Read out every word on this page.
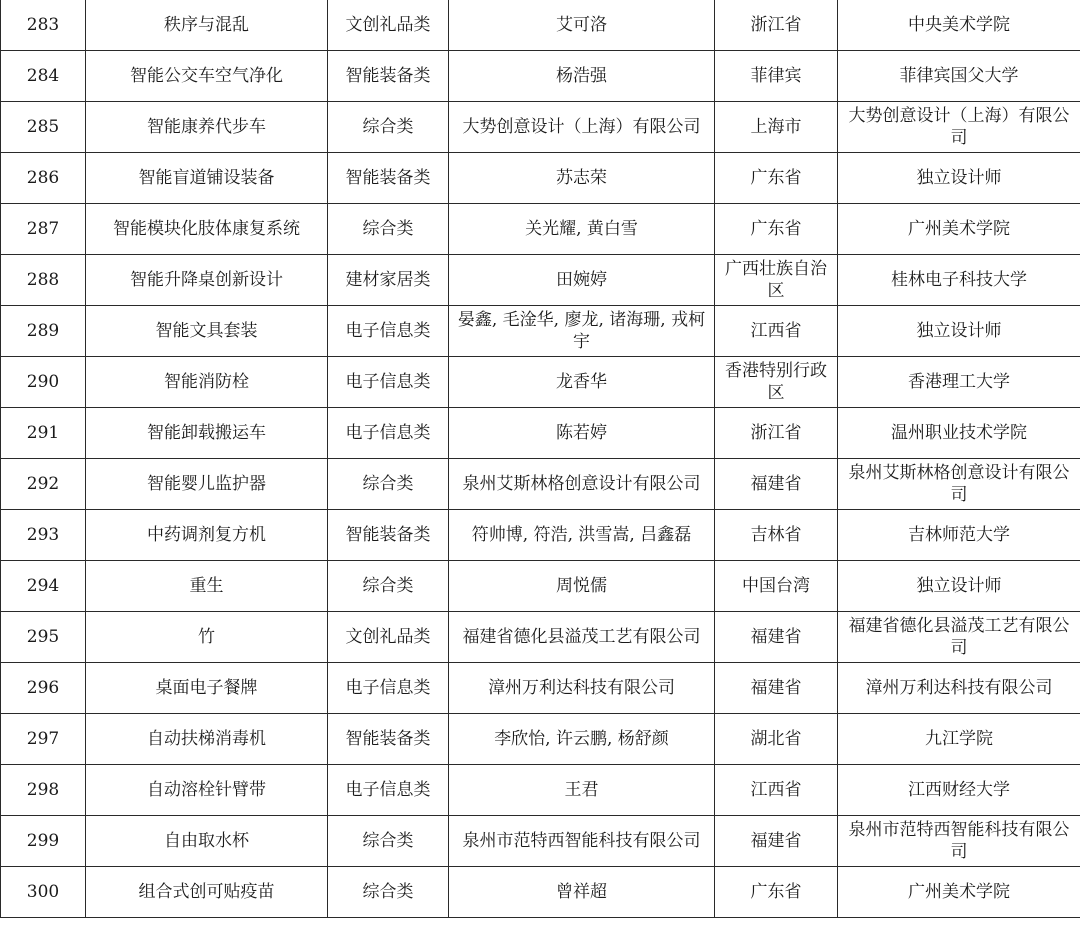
283	秩序与混乱	文创礼品类	艾可洛	浙江省	中央美术学院
284	智能公交车空气净化	智能装备类	杨浩强	菲律宾	菲律宾国父大学
285	智能康养代步车	综合类	大势创意设计（上海）有限公司	上海市	大势创意设计（上海）有限公司
286	智能盲道铺设装备	智能装备类	苏志荣	广东省	独立设计师
287	智能模块化肢体康复系统	综合类	关光耀, 黄白雪	广东省	广州美术学院
288	智能升降桌创新设计	建材家居类	田婉婷	广西壮族自治区	桂林电子科技大学
289	智能文具套装	电子信息类	晏鑫, 毛淦华, 廖龙, 诸海珊, 戎柯宇	江西省	独立设计师
290	智能消防栓	电子信息类	龙香华	香港特别行政区	香港理工大学
291	智能卸载搬运车	电子信息类	陈若婷	浙江省	温州职业技术学院
292	智能婴儿监护器	综合类	泉州艾斯林格创意设计有限公司	福建省	泉州艾斯林格创意设计有限公司
293	中药调剂复方机	智能装备类	符帅博, 符浩, 洪雪嵩, 吕鑫磊	吉林省	吉林师范大学
294	重生	综合类	周悦儒	中国台湾	独立设计师
295	竹	文创礼品类	福建省德化县溢茂工艺有限公司	福建省	福建省德化县溢茂工艺有限公司
296	桌面电子餐牌	电子信息类	漳州万利达科技有限公司	福建省	漳州万利达科技有限公司
297	自动扶梯消毒机	智能装备类	李欣怡, 许云鹏, 杨舒颜	湖北省	九江学院
298	自动溶栓针臂带	电子信息类	王君	江西省	江西财经大学
299	自由取水杯	综合类	泉州市范特西智能科技有限公司	福建省	泉州市范特西智能科技有限公司
300	组合式创可贴疫苗	综合类	曾祥超	广东省	广州美术学院
